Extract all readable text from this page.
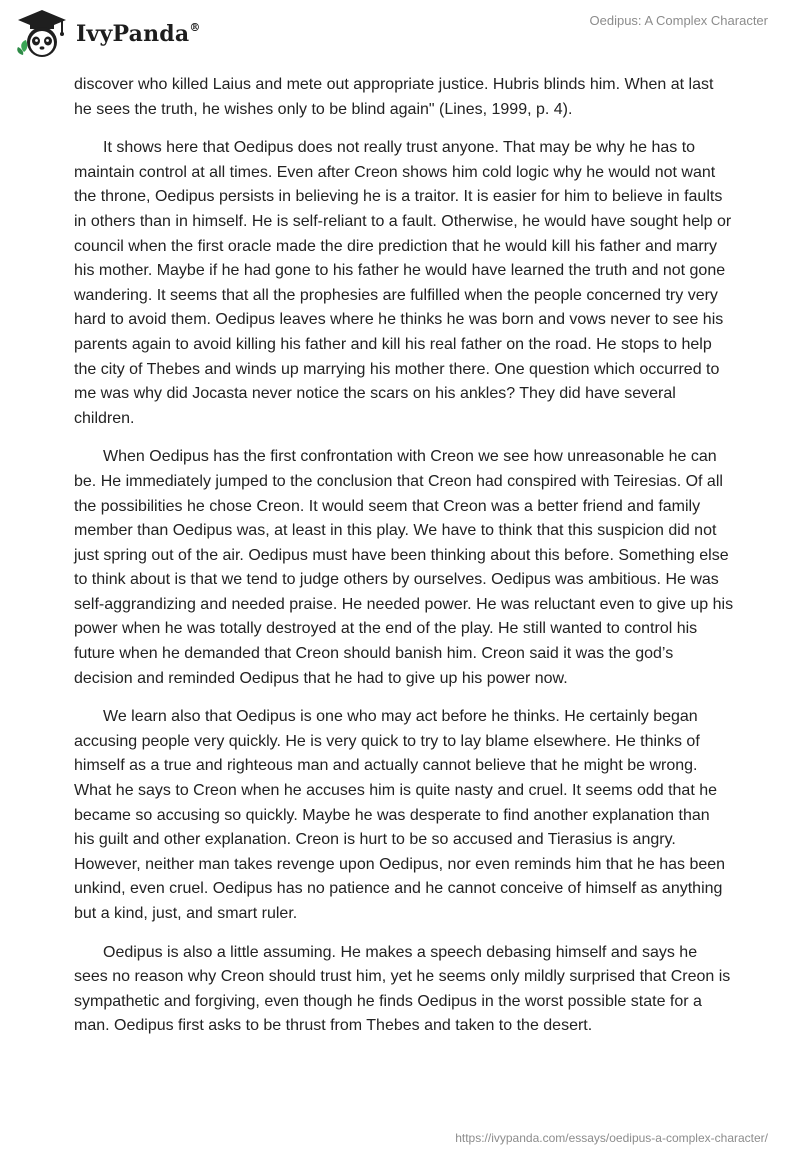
IvyPanda®	Oedipus: A Complex Character

discover who killed Laius and mete out appropriate justice. Hubris blinds him. When at last he sees the truth, he wishes only to be blind again" (Lines, 1999, p. 4).

It shows here that Oedipus does not really trust anyone. That may be why he has to maintain control at all times. Even after Creon shows him cold logic why he would not want the throne, Oedipus persists in believing he is a traitor. It is easier for him to believe in faults in others than in himself. He is self-reliant to a fault. Otherwise, he would have sought help or council when the first oracle made the dire prediction that he would kill his father and marry his mother. Maybe if he had gone to his father he would have learned the truth and not gone wandering. It seems that all the prophesies are fulfilled when the people concerned try very hard to avoid them. Oedipus leaves where he thinks he was born and vows never to see his parents again to avoid killing his father and kill his real father on the road. He stops to help the city of Thebes and winds up marrying his mother there. One question which occurred to me was why did Jocasta never notice the scars on his ankles? They did have several children.

When Oedipus has the first confrontation with Creon we see how unreasonable he can be. He immediately jumped to the conclusion that Creon had conspired with Teiresias. Of all the possibilities he chose Creon. It would seem that Creon was a better friend and family member than Oedipus was, at least in this play. We have to think that this suspicion did not just spring out of the air. Oedipus must have been thinking about this before. Something else to think about is that we tend to judge others by ourselves. Oedipus was ambitious. He was self-aggrandizing and needed praise. He needed power. He was reluctant even to give up his power when he was totally destroyed at the end of the play. He still wanted to control his future when he demanded that Creon should banish him. Creon said it was the god’s decision and reminded Oedipus that he had to give up his power now.

We learn also that Oedipus is one who may act before he thinks. He certainly began accusing people very quickly. He is very quick to try to lay blame elsewhere. He thinks of himself as a true and righteous man and actually cannot believe that he might be wrong. What he says to Creon when he accuses him is quite nasty and cruel. It seems odd that he became so accusing so quickly. Maybe he was desperate to find another explanation than his guilt and other explanation. Creon is hurt to be so accused and Tierasius is angry. However, neither man takes revenge upon Oedipus, nor even reminds him that he has been unkind, even cruel. Oedipus has no patience and he cannot conceive of himself as anything but a kind, just, and smart ruler.

Oedipus is also a little assuming. He makes a speech debasing himself and says he sees no reason why Creon should trust him, yet he seems only mildly surprised that Creon is sympathetic and forgiving, even though he finds Oedipus in the worst possible state for a man. Oedipus first asks to be thrust from Thebes and taken to the desert.

https://ivypanda.com/essays/oedipus-a-complex-character/
